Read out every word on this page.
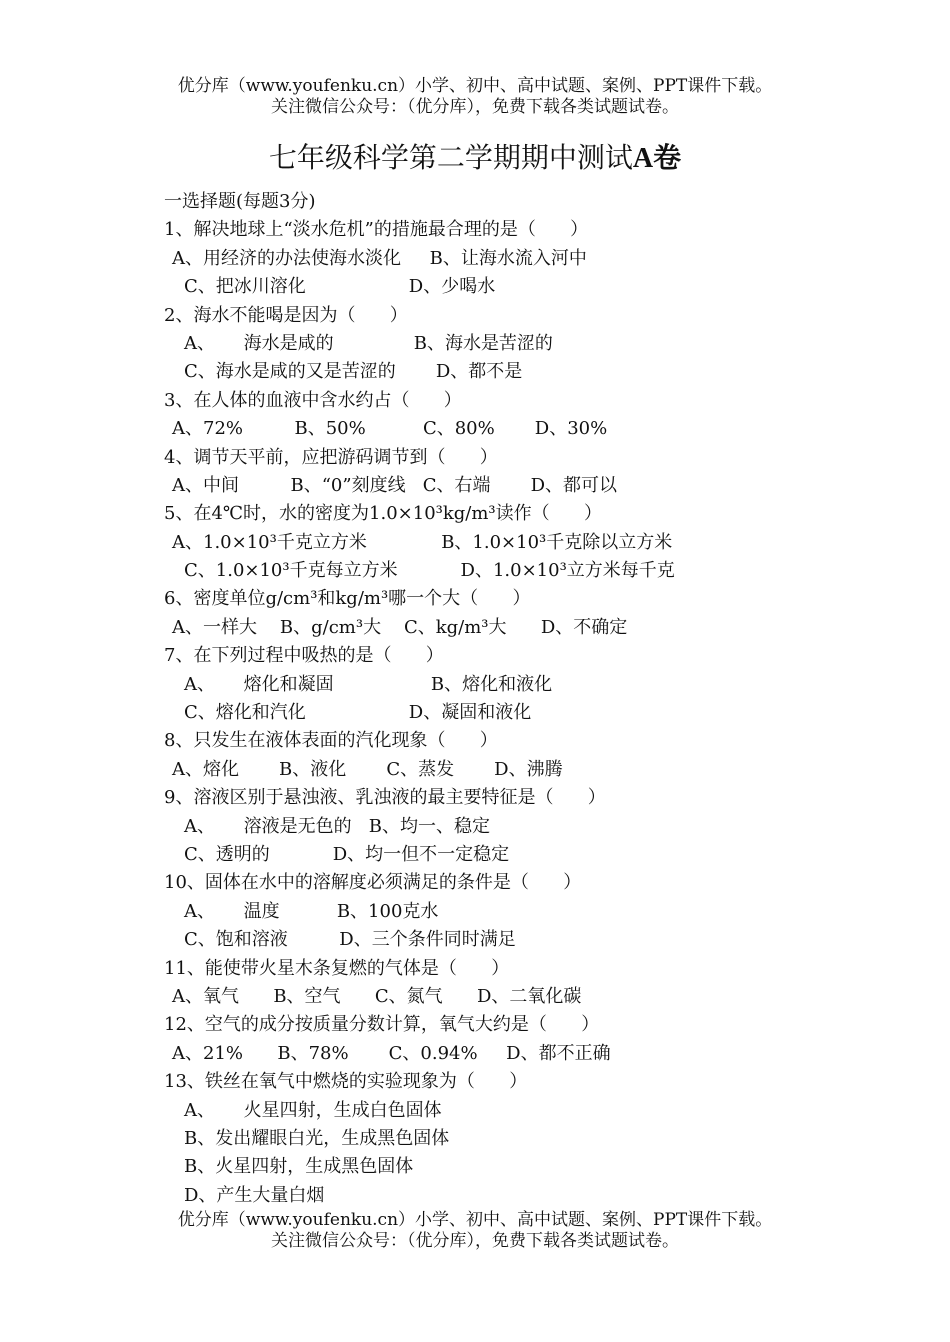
优分库（www.youfenku.cn）小学、初中、高中试题、案例、PPT课件下载。
关注微信公众号：（优分库），免费下载各类试题试卷。
七年级科学第二学期期中测试A卷
一选择题(每题3分)
1、解决地球上“淡水危机”的措施最合理的是（      ）
A、用经济的办法使海水淡化     B、让海水流入河中
C、把冰川溶化                  D、少喝水
2、海水不能喝是因为（      ）
A、     海水是咸的              B、海水是苦涩的
C、海水是咸的又是苦涩的       D、都不是
3、在人体的血液中含水约占（      ）
A、72%         B、50%          C、80%       D、30%
4、调节天平前，应把游码调节到（      ）
A、中间         B、“0”刻度线   C、右端       D、都可以
5、在4℃时，水的密度为1.0×10³kg/m³读作（      ）
A、1.0×10³千克立方米             B、1.0×10³千克除以立方米
C、1.0×10³千克每立方米           D、1.0×10³立方米每千克
6、密度单位g/cm³和kg/m³哪一个大（      ）
A、一样大    B、g/cm³大    C、kg/m³大      D、不确定
7、在下列过程中吸热的是（      ）
A、     熔化和凝固                 B、熔化和液化
C、熔化和汽化                  D、凝固和液化
8、只发生在液体表面的汽化现象（      ）
A、熔化       B、液化       C、蒸发       D、沸腾
9、溶液区别于悬浊液、乳浊液的最主要特征是（      ）
A、     溶液是无色的   B、均一、稳定
C、透明的           D、均一但不一定稳定
10、固体在水中的溶解度必须满足的条件是（      ）
A、     温度          B、100克水
C、饱和溶液         D、三个条件同时满足
11、能使带火星木条复燃的气体是（      ）
A、氧气      B、空气      C、氮气      D、二氧化碳
12、空气的成分按质量分数计算，氧气大约是（      ）
A、21%      B、78%       C、0.94%     D、都不正确
13、铁丝在氧气中燃烧的实验现象为（      ）
A、     火星四射，生成白色固体
B、发出耀眼白光，生成黑色固体
B、火星四射，生成黑色固体
D、产生大量白烟
优分库（www.youfenku.cn）小学、初中、高中试题、案例、PPT课件下载。
关注微信公众号：（优分库），免费下载各类试题试卷。
